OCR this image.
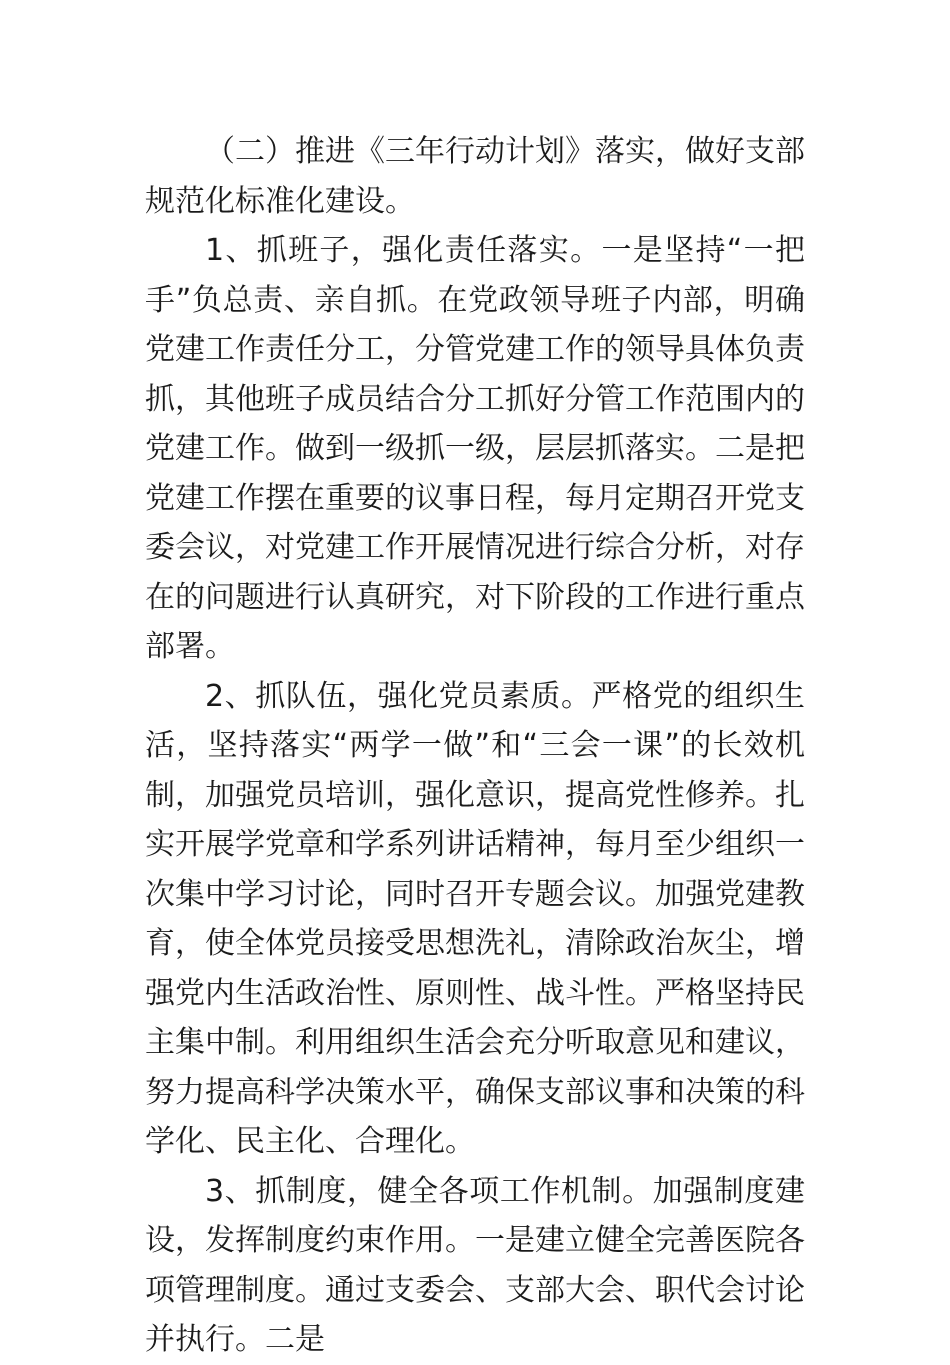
（二）推进《三年行动计划》落实，做好支部规范化标准化建设。

1、抓班子，强化责任落实。一是坚持“一把手”负总责、亲自抓。在党政领导班子内部，明确党建工作责任分工，分管党建工作的领导具体负责抓，其他班子成员结合分工抓好分管工作范围内的党建工作。做到一级抓一级，层层抓落实。二是把党建工作摆在重要的议事日程，每月定期召开党支委会议，对党建工作开展情况进行综合分析，对存在的问题进行认真研究，对下阶段的工作进行重点部署。

2、抓队伍，强化党员素质。严格党的组织生活，坚持落实“两学一做”和“三会一课”的长效机制，加强党员培训，强化意识，提高党性修养。扎实开展学党章和学系列讲话精神，每月至少组织一次集中学习讨论，同时召开专题会议。加强党建教育，使全体党员接受思想洗礼，清除政治灰尘，增强党内生活政治性、原则性、战斗性。严格坚持民主集中制。利用组织生活会充分听取意见和建议，努力提高科学决策水平，确保支部议事和决策的科学化、民主化、合理化。

3、抓制度，健全各项工作机制。加强制度建设，发挥制度约束作用。一是建立健全完善医院各项管理制度。通过支委会、支部大会、职代会讨论并执行。二是
